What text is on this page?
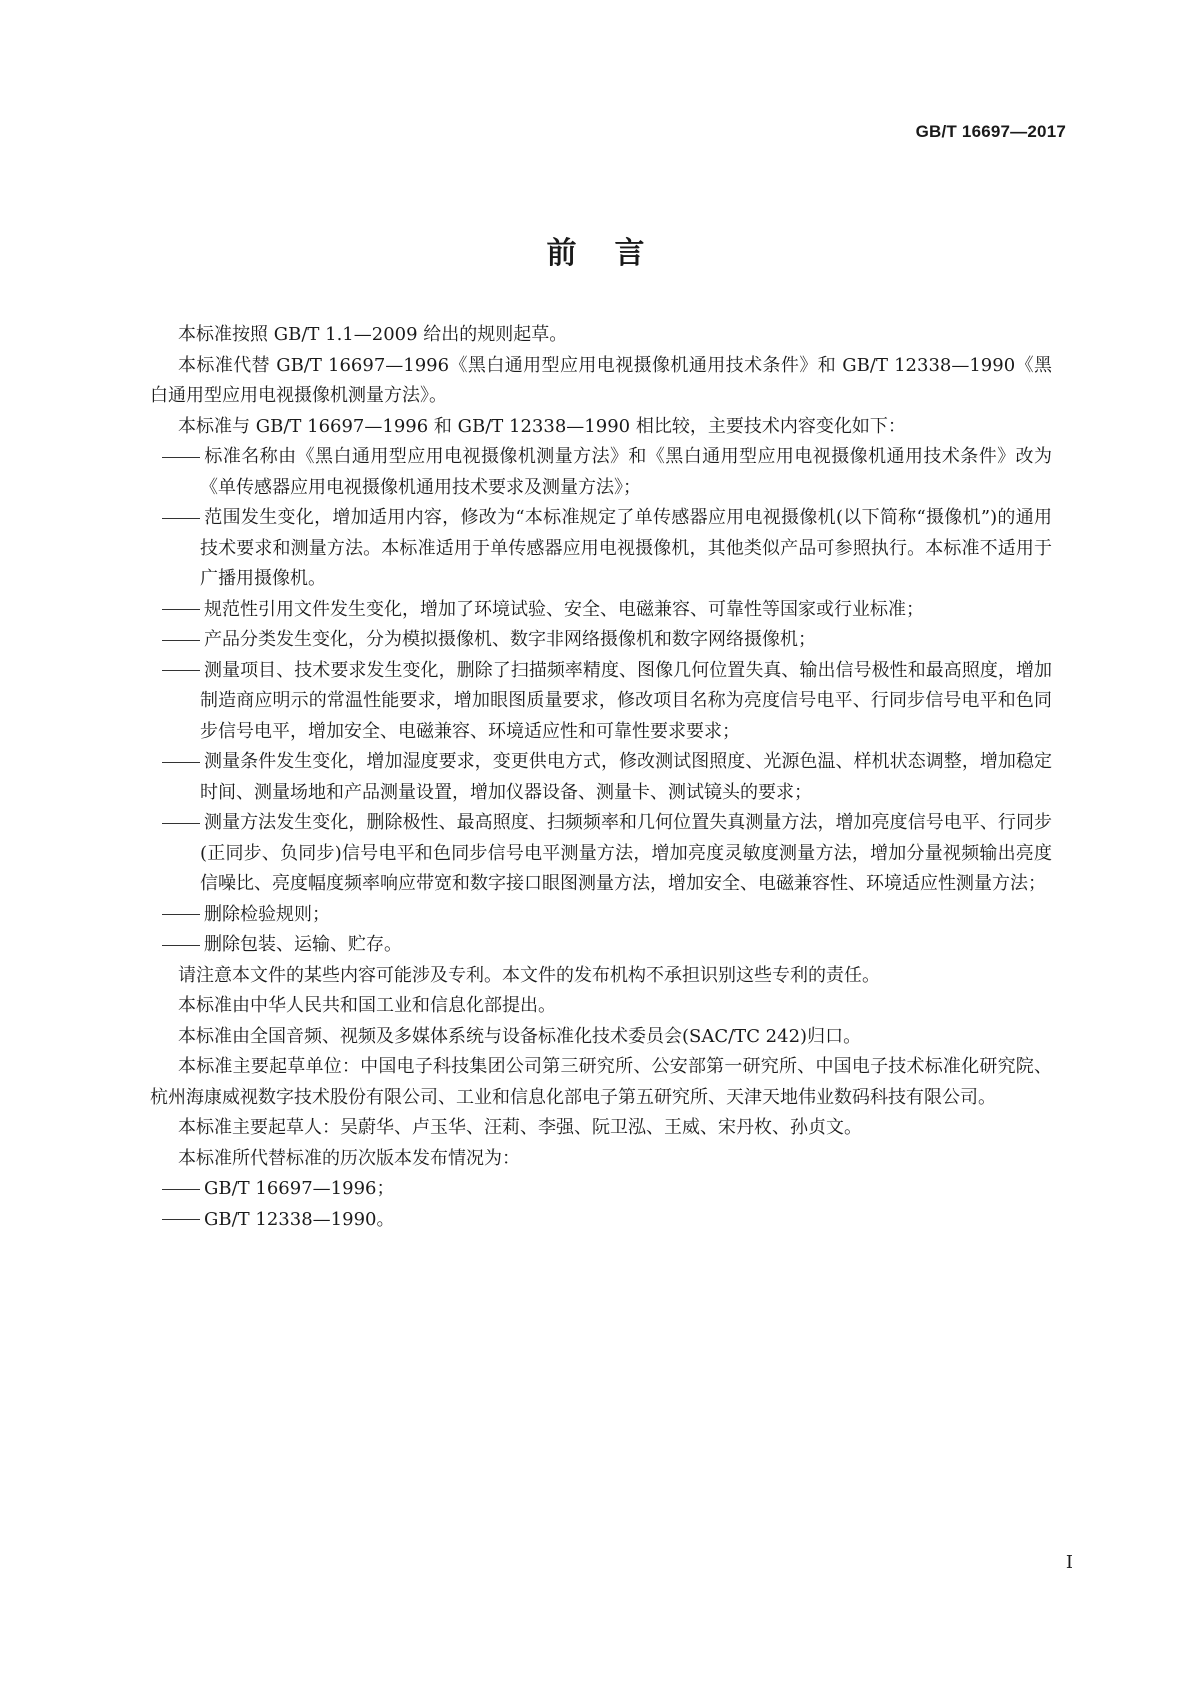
GB/T 16697—2017
前言

本标准按照 GB/T 1.1—2009 给出的规则起草。

本标准代替 GB/T 16697—1996《黑白通用型应用电视摄像机通用技术条件》和 GB/T 12338—1990《黑白通用型应用电视摄像机测量方法》。

本标准与 GB/T 16697—1996 和 GB/T 12338—1990 相比较，主要技术内容变化如下：

标准名称由《黑白通用型应用电视摄像机测量方法》和《黑白通用型应用电视摄像机通用技术条件》改为《单传感器应用电视摄像机通用技术要求及测量方法》；

范围发生变化，增加适用内容，修改为“本标准规定了单传感器应用电视摄像机(以下简称“摄像机”)的通用技术要求和测量方法。本标准适用于单传感器应用电视摄像机，其他类似产品可参照执行。本标准不适用于广播用摄像机。

规范性引用文件发生变化，增加了环境试验、安全、电磁兼容、可靠性等国家或行业标准；

产品分类发生变化，分为模拟摄像机、数字非网络摄像机和数字网络摄像机；

测量项目、技术要求发生变化，删除了扫描频率精度、图像几何位置失真、输出信号极性和最高照度，增加制造商应明示的常温性能要求，增加眼图质量要求，修改项目名称为亮度信号电平、行同步信号电平和色同步信号电平，增加安全、电磁兼容、环境适应性和可靠性要求要求；

测量条件发生变化，增加湿度要求，变更供电方式，修改测试图照度、光源色温、样机状态调整，增加稳定时间、测量场地和产品测量设置，增加仪器设备、测量卡、测试镜头的要求；

测量方法发生变化，删除极性、最高照度、扫频频率和几何位置失真测量方法，增加亮度信号电平、行同步(正同步、负同步)信号电平和色同步信号电平测量方法，增加亮度灵敏度测量方法，增加分量视频输出亮度信噪比、亮度幅度频率响应带宽和数字接口眼图测量方法，增加安全、电磁兼容性、环境适应性测量方法；

删除检验规则；

删除包装、运输、贮存。

请注意本文件的某些内容可能涉及专利。本文件的发布机构不承担识别这些专利的责任。

本标准由中华人民共和国工业和信息化部提出。

本标准由全国音频、视频及多媒体系统与设备标准化技术委员会(SAC/TC 242)归口。

本标准主要起草单位：中国电子科技集团公司第三研究所、公安部第一研究所、中国电子技术标准化研究院、杭州海康威视数字技术股份有限公司、工业和信息化部电子第五研究所、天津天地伟业数码科技有限公司。

本标准主要起草人：吴蔚华、卢玉华、汪莉、李强、阮卫泓、王威、宋丹枚、孙贞文。

本标准所代替标准的历次版本发布情况为：

GB/T 16697—1996；

GB/T 12338—1990。

I
